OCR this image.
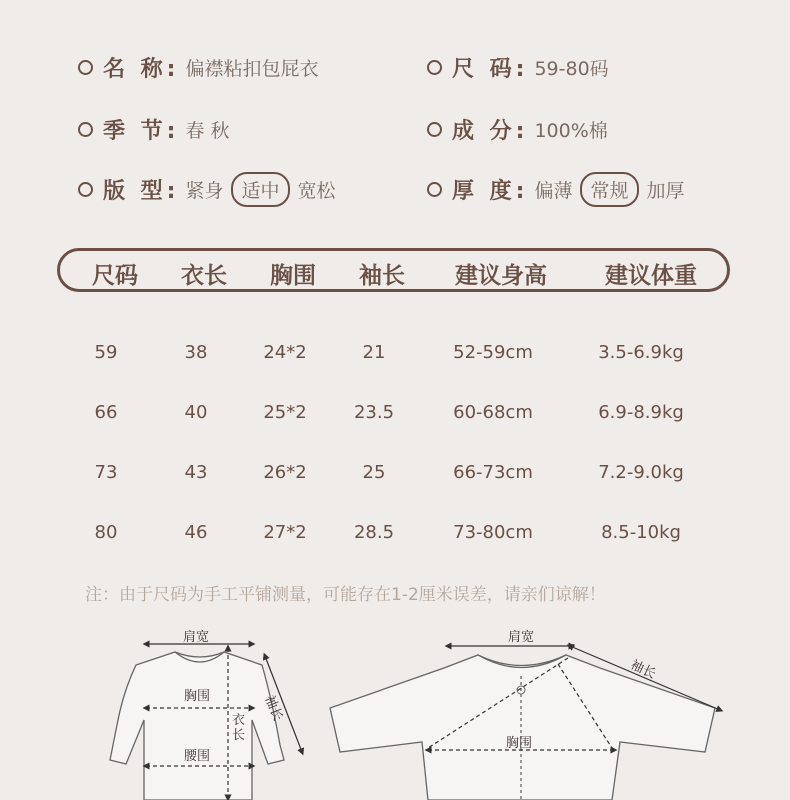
名 称: 偏襟粘扣包屁衣	尺 码: 59-80码
季 节: 春 秋	成 分: 100%棉
版 型: 紧身 适中 宽松	厚 度: 偏薄 常规 加厚
尺码 衣长 胸围 袖长 建议身高	建议体重
59	38	24*2	21	52-59cm	3.5-6.9kg
66	40	25*2	23.5	60-68cm	6.9-8.9kg
73	43	26*2	25	66-73cm	7.2-9.0kg
80	46	27*2	28.5	73-80cm	8.5-10kg
注：由于尺码为手工平铺测量，可能存在1-2厘米误差，请亲们谅解！
肩宽
胸围
衣
长
腰围
袖长
肩宽
胸围
袖长
